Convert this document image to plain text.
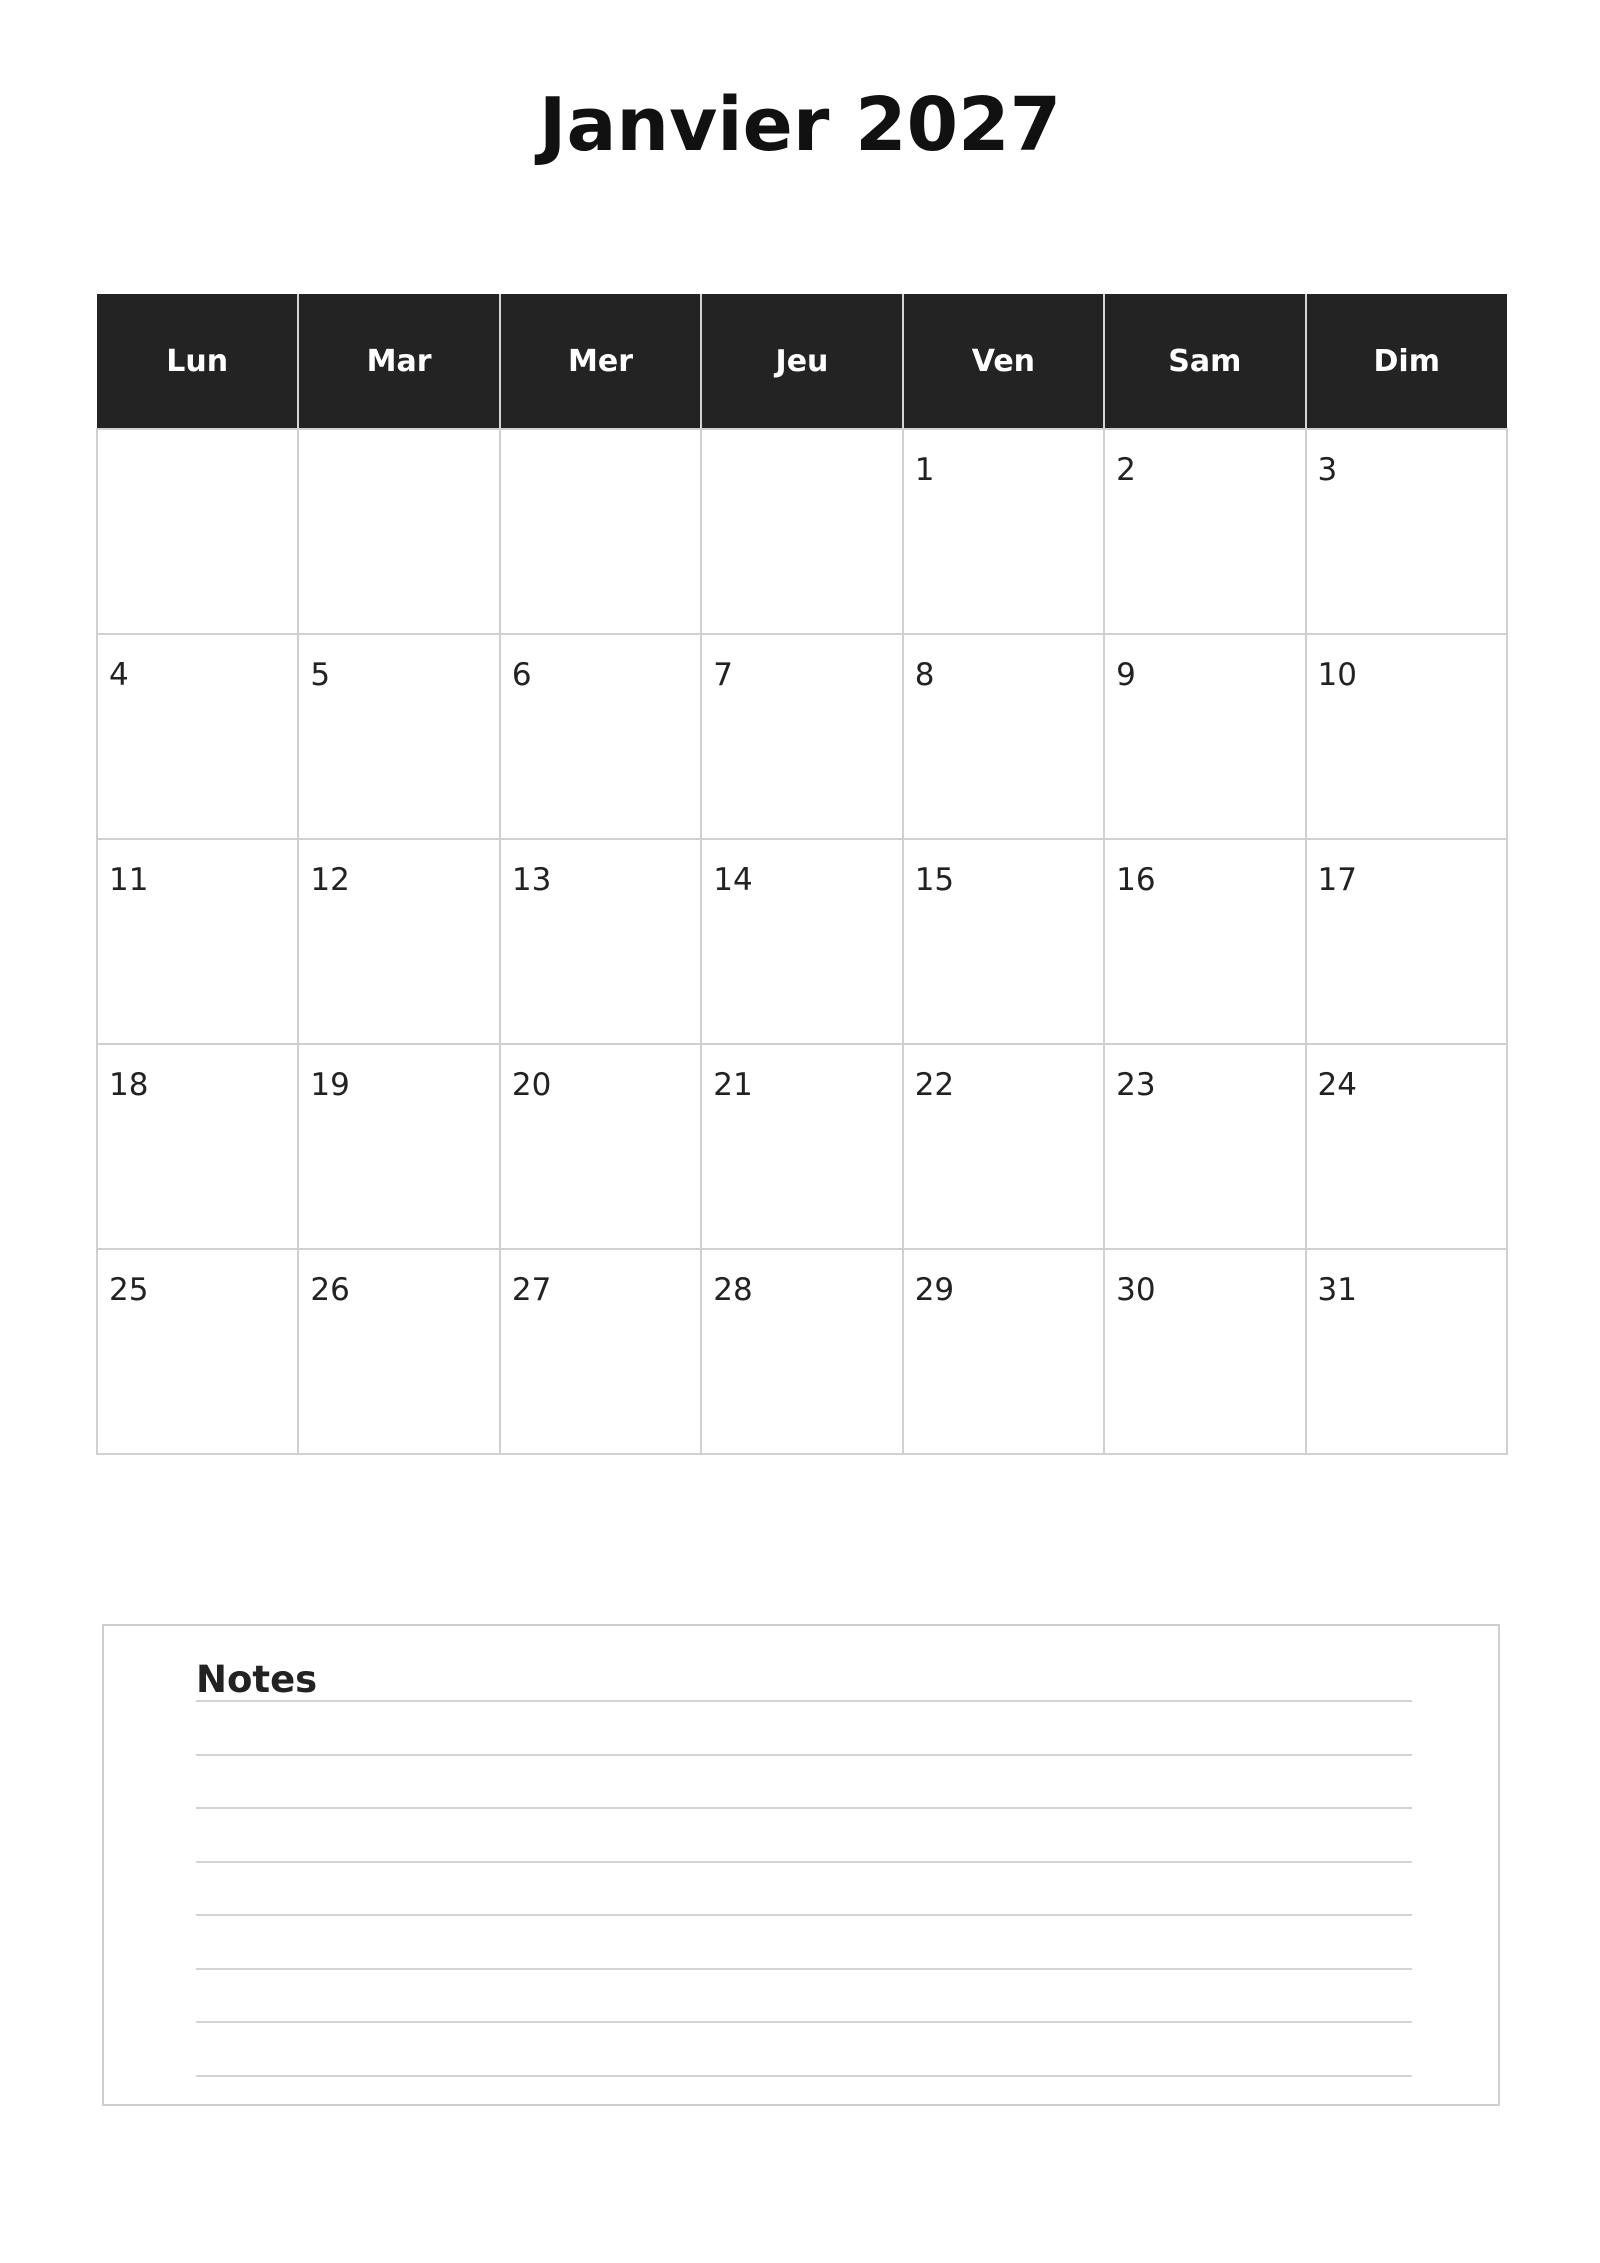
Janvier 2027
Lun	Mar	Mer	Jeu	Ven	Sam	Dim

				1	2	3

4	5	6	7	8	9	10

11	12	13	14	15	16	17

18	19	20	21	22	23	24

25	26	27	28	29	30	31
Notes
